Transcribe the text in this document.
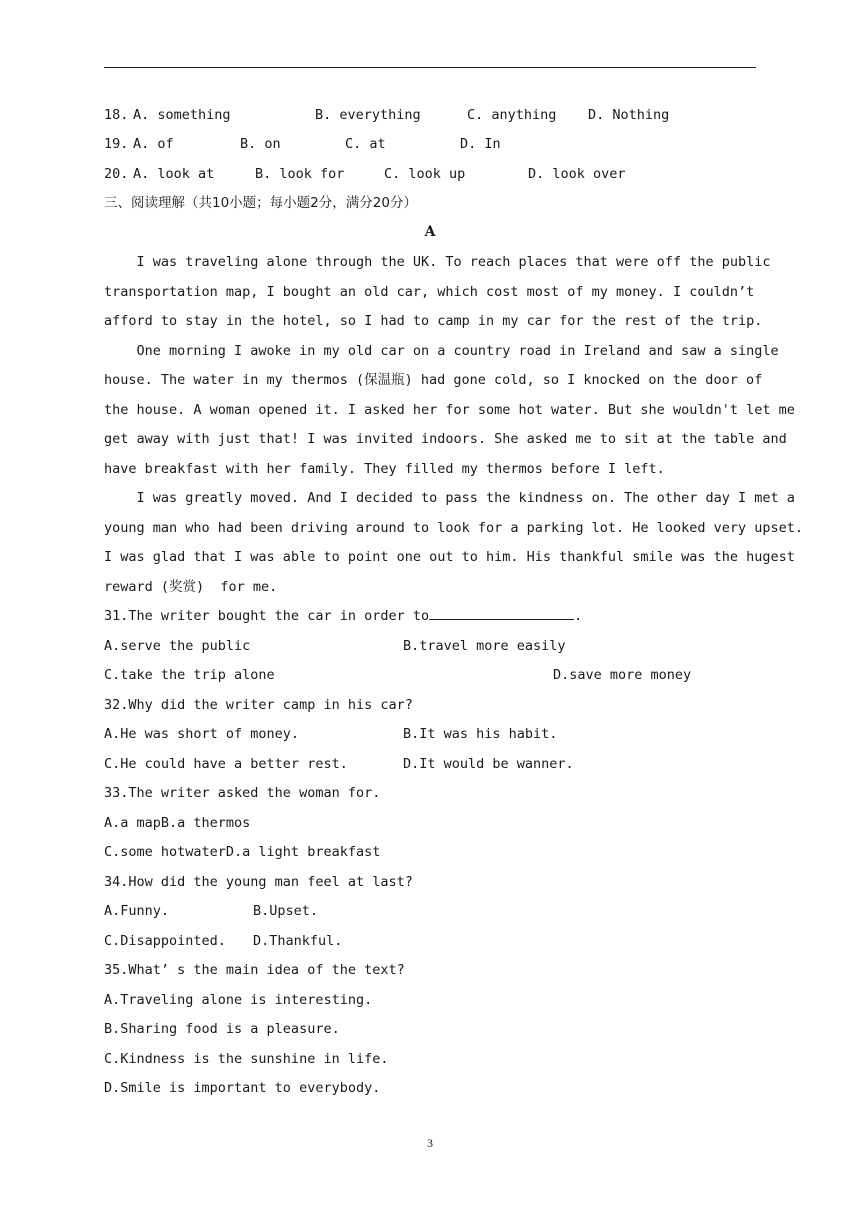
18. A. something	B. everything	C. anything D. Nothing
19. A. of	B. on	C. at	D. In
20. A. look at	B. look for	C. look up	D. look over
三、阅读理解（共10小题；每小题2分，满分20分）
A
I was traveling alone through the UK. To reach places that were off the public
transportation map, I bought an old car, which cost most of my money. I couldn’t
afford to stay in the hotel, so I had to camp in my car for the rest of the trip.
One morning I awoke in my old car on a country road in Ireland and saw a single
house. The water in my thermos (保温瓶) had gone cold, so I knocked on the door of
the house. A woman opened it. I asked her for some hot water. But she wouldn't let me
get away with just that! I was invited indoors. She asked me to sit at the table and
have breakfast with her family. They filled my thermos before I left.
I was greatly moved. And I decided to pass the kindness on. The other day I met a
young man who had been driving around to look for a parking lot. He looked very upset.
I was glad that I was able to point one out to him. His thankful smile was the hugest
reward (奖赏)  for me.
31.The writer bought the car in order to	.
A.serve the public	B.travel more easily
C.take the trip alone	D.save more money
32.Why did the writer camp in his car?
A.He was short of money.	B.It was his habit.
C.He could have a better rest.	D.It would be wanner.
33.The writer asked the woman for.
A.a mapB.a thermos
C.some hotwaterD.a light breakfast
34.How did the young man feel at last?
A.Funny.	B.Upset.
C.Disappointed. D.Thankful.
35.What’ s the main idea of the text?
A.Traveling alone is interesting.
B.Sharing food is a pleasure.
C.Kindness is the sunshine in life.
D.Smile is important to everybody.
3
